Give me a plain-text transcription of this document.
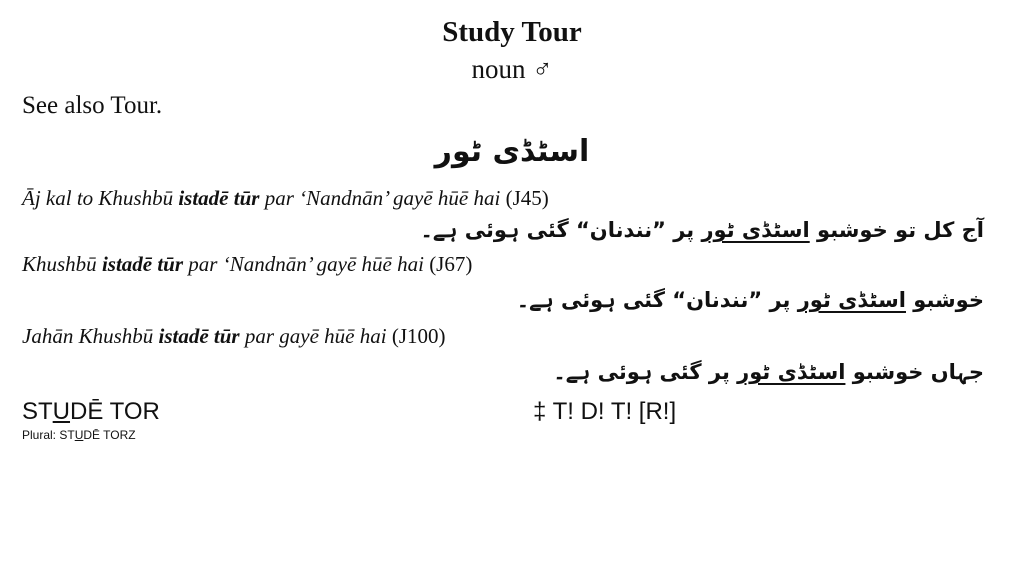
Study Tour
noun ♂
See also Tour.
اسٹڈی ٹور
Āj kal to Khushbū istadē tūr par ‘Nandnān’ gayē hūē hai (J45)
آج کل تو خوشبو اسٹڈی ٹور پر ”نندنان“ گئی ہوئی ہے۔
Khushbū istadē tūr par ‘Nandnān’ gayē hūē hai (J67)
خوشبو اسٹڈی ٹور پر ”نندنان“ گئی ہوئی ہے۔
Jahān Khushbū istadē tūr par gayē hūē hai (J100)
جہاں خوشبو اسٹڈی ٹور پر گئی ہوئی ہے۔
STUDĒ TOR
Plural: STUDĒ TORZ
‡ T! D! T! [R!]
